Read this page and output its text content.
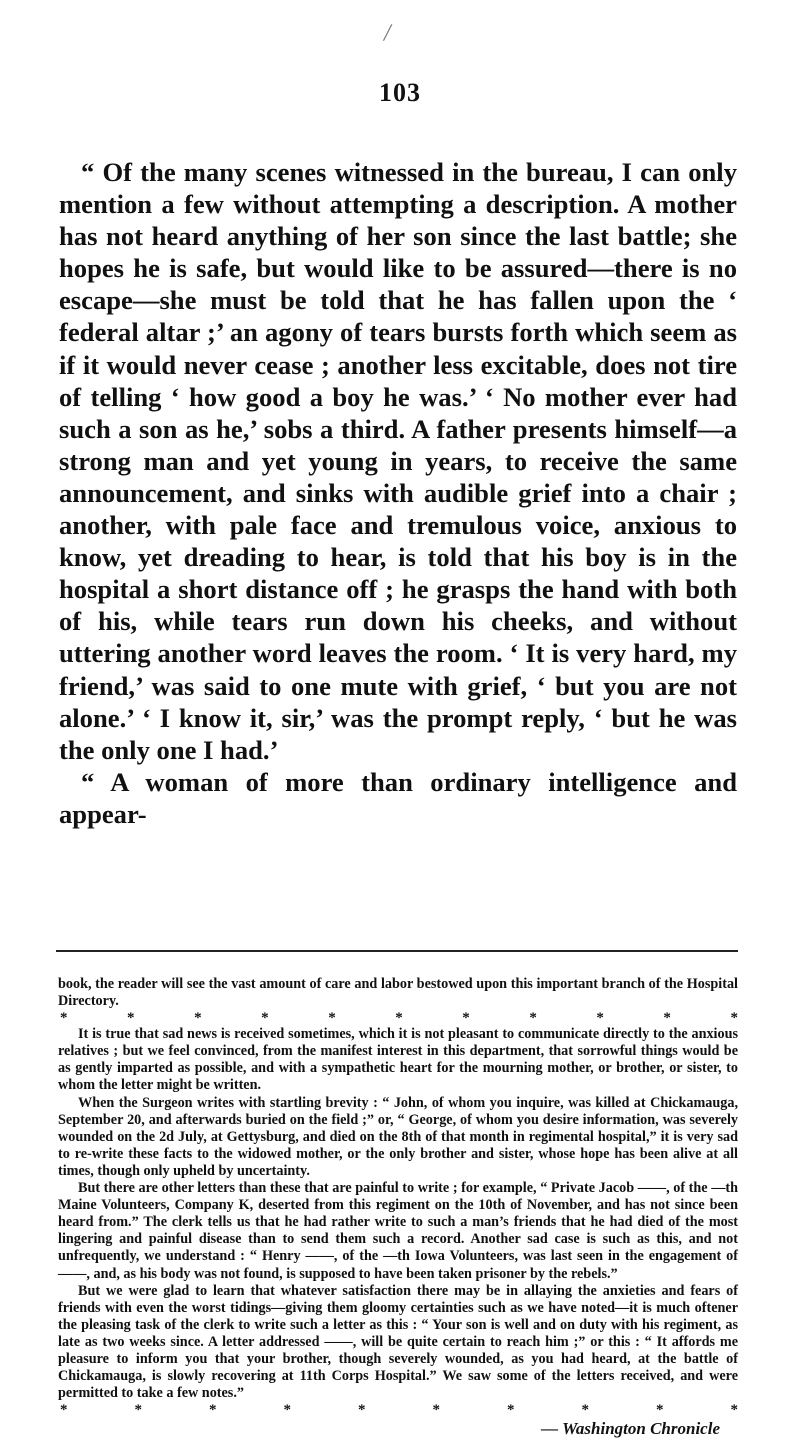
/
103

“ Of the many scenes witnessed in the bureau, I can only mention a few without attempting a description. A mother has not heard anything of her son since the last battle; she hopes he is safe, but would like to be assured—there is no escape—she must be told that he has fallen upon the ‘ federal altar ;’ an agony of tears bursts forth which seem as if it would never cease ; another less excitable, does not tire of telling ‘ how good a boy he was.’ ‘ No mother ever had such a son as he,’ sobs a third. A father presents himself—a strong man and yet young in years, to receive the same announcement, and sinks with audible grief into a chair ; another, with pale face and tremulous voice, anxious to know, yet dreading to hear, is told that his boy is in the hospital a short distance off ; he grasps the hand with both of his, while tears run down his cheeks, and without uttering another word leaves the room. ‘ It is very hard, my friend,’ was said to one mute with grief, ‘ but you are not alone.’ ‘ I know it, sir,’ was the prompt reply, ‘ but he was the only one I had.’

“ A woman of more than ordinary intelligence and appear-

book, the reader will see the vast amount of care and labor bestowed upon this important branch of the Hospital Directory.

*	*	*	*	*	*	*	*	*	*	*

It is true that sad news is received sometimes, which it is not pleasant to communicate directly to the anxious relatives ; but we feel convinced, from the manifest interest in this department, that sorrowful things would be as gently imparted as possible, and with a sympathetic heart for the mourning mother, or brother, or sister, to whom the letter might be written.

When the Surgeon writes with startling brevity : “ John, of whom you inquire, was killed at Chickamauga, September 20, and afterwards buried on the field ;” or, “ George, of whom you desire information, was severely wounded on the 2d July, at Gettysburg, and died on the 8th of that month in regimental hospital,” it is very sad to re-write these facts to the widowed mother, or the only brother and sister, whose hope has been alive at all times, though only upheld by uncertainty.

But there are other letters than these that are painful to write ; for example, “ Private Jacob ——, of the —th Maine Volunteers, Company K, deserted from this regiment on the 10th of November, and has not since been heard from.” The clerk tells us that he had rather write to such a man’s friends that he had died of the most lingering and painful disease than to send them such a record. Another sad case is such as this, and not unfrequently, we understand : “ Henry ——, of the —th Iowa Volunteers, was last seen in the engagement of ——, and, as his body was not found, is supposed to have been taken prisoner by the rebels.”

But we were glad to learn that whatever satisfaction there may be in allaying the anxieties and fears of friends with even the worst tidings—giving them gloomy certainties such as we have noted—it is much oftener the pleasing task of the clerk to write such a letter as this : “ Your son is well and on duty with his regiment, as late as two weeks since. A letter addressed ——, will be quite certain to reach him ;” or this : “ It affords me pleasure to inform you that your brother, though severely wounded, as you had heard, at the battle of Chickamauga, is slowly recovering at 11th Corps Hospital.” We saw some of the letters received, and were permitted to take a few notes.”

*	*	*	*	*	*	*	*	*	*
— Washington Chronicle
